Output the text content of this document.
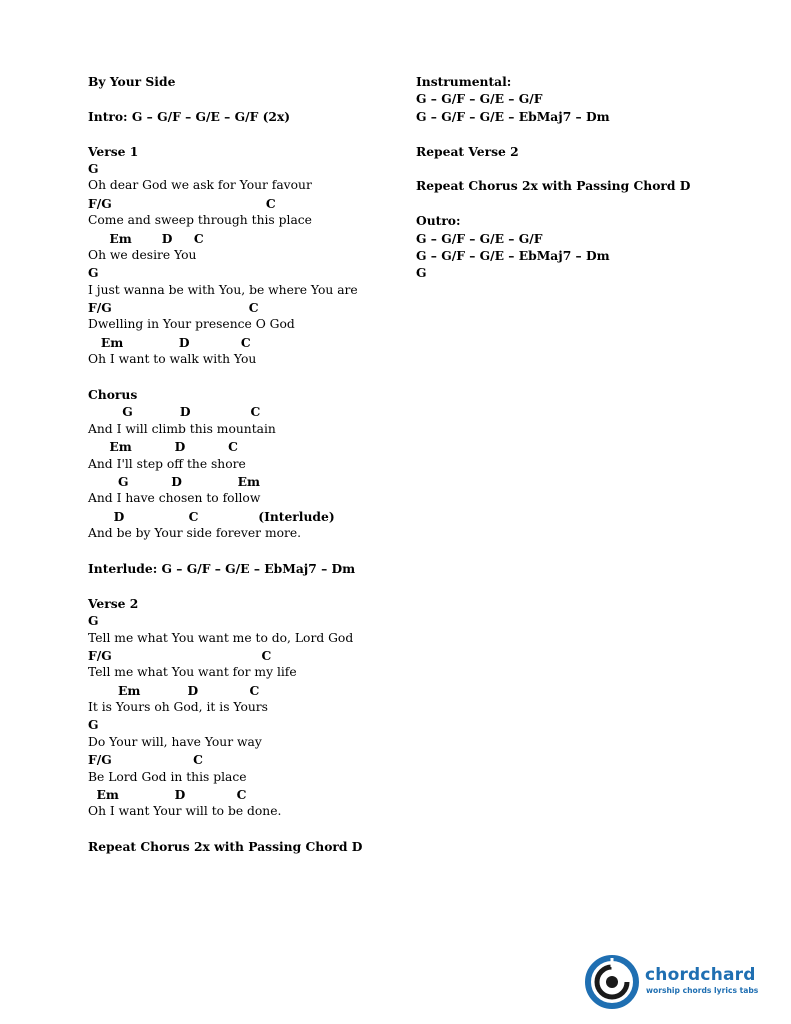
By Your Side
Intro: G – G/F – G/E – G/F (2x)
Verse 1
G
Oh dear God we ask for Your favour
F/G                                    C
Come and sweep through this place
Em       D     C
Oh we desire You
G
I just wanna be with You, be where You are
F/G                                C
Dwelling in Your presence O God
Em             D            C
Oh I want to walk with You
Chorus
G           D              C
And I will climb this mountain
Em          D          C
And I'll step off the shore
G          D             Em
And I have chosen to follow
D               C              (Interlude)
And be by Your side forever more.
Interlude: G – G/F – G/E – EbMaj7 – Dm
Verse 2
G
Tell me what You want me to do, Lord God
F/G                                   C
Tell me what You want for my life
Em           D            C
It is Yours oh God, it is Yours
G
Do Your will, have Your way
F/G                   C
Be Lord God in this place
Em             D            C
Oh I want Your will to be done.
Repeat Chorus 2x with Passing Chord D
Instrumental:
G – G/F – G/E – G/F
G – G/F – G/E – EbMaj7 – Dm
Repeat Verse 2
Repeat Chorus 2x with Passing Chord D
Outro:
G – G/F – G/E – G/F
G – G/F – G/E – EbMaj7 – Dm
G
chordchard
worship chords lyrics tabs
